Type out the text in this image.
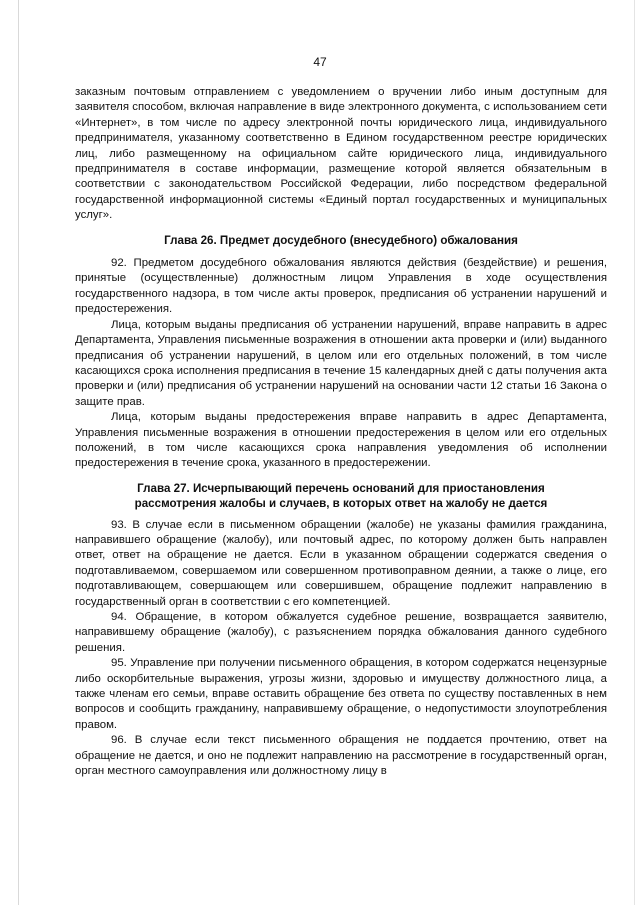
47

заказным почтовым отправлением с уведомлением о вручении либо иным доступным для заявителя способом, включая направление в виде электронного документа, с использованием сети «Интернет», в том числе по адресу электронной почты юридического лица, индивидуального предпринимателя, указанному соответственно в Едином государственном реестре юридических лиц, либо размещенному на официальном сайте юридического лица, индивидуального предпринимателя в составе информации, размещение которой является обязательным в соответствии с законодательством Российской Федерации, либо посредством федеральной государственной информационной системы «Единый портал государственных и муниципальных услуг».

Глава 26. Предмет досудебного (внесудебного) обжалования

92. Предметом досудебного обжалования являются действия (бездействие) и решения, принятые (осуществленные) должностным лицом Управления в ходе осуществления государственного надзора, в том числе акты проверок, предписания об устранении нарушений и предостережения.

Лица, которым выданы предписания об устранении нарушений, вправе направить в адрес Департамента, Управления письменные возражения в отношении акта проверки и (или) выданного предписания об устранении нарушений, в целом или его отдельных положений, в том числе касающихся срока исполнения предписания в течение 15 календарных дней с даты получения акта проверки и (или) предписания об устранении нарушений на основании части 12 статьи 16 Закона о защите прав.

Лица, которым выданы предостережения вправе направить в адрес Департамента, Управления письменные возражения в отношении предостережения в целом или его отдельных положений, в том числе касающихся срока направления уведомления об исполнении предостережения в течение срока, указанного в предостережении.

Глава 27. Исчерпывающий перечень оснований для приостановления
рассмотрения жалобы и случаев, в которых ответ на жалобу не дается

93. В случае если в письменном обращении (жалобе) не указаны фамилия гражданина, направившего обращение (жалобу), или почтовый адрес, по которому должен быть направлен ответ, ответ на обращение не дается. Если в указанном обращении содержатся сведения о подготавливаемом, совершаемом или совершенном противоправном деянии, а также о лице, его подготавливающем, совершающем или совершившем, обращение подлежит направлению в государственный орган в соответствии с его компетенцией.

94. Обращение, в котором обжалуется судебное решение, возвращается заявителю, направившему обращение (жалобу), с разъяснением порядка обжалования данного судебного решения.

95. Управление при получении письменного обращения, в котором содержатся нецензурные либо оскорбительные выражения, угрозы жизни, здоровью и имуществу должностного лица, а также членам его семьи, вправе оставить обращение без ответа по существу поставленных в нем вопросов и сообщить гражданину, направившему обращение, о недопустимости злоупотребления правом.

96. В случае если текст письменного обращения не поддается прочтению, ответ на обращение не дается, и оно не подлежит направлению на рассмотрение в государственный орган, орган местного самоуправления или должностному лицу в
